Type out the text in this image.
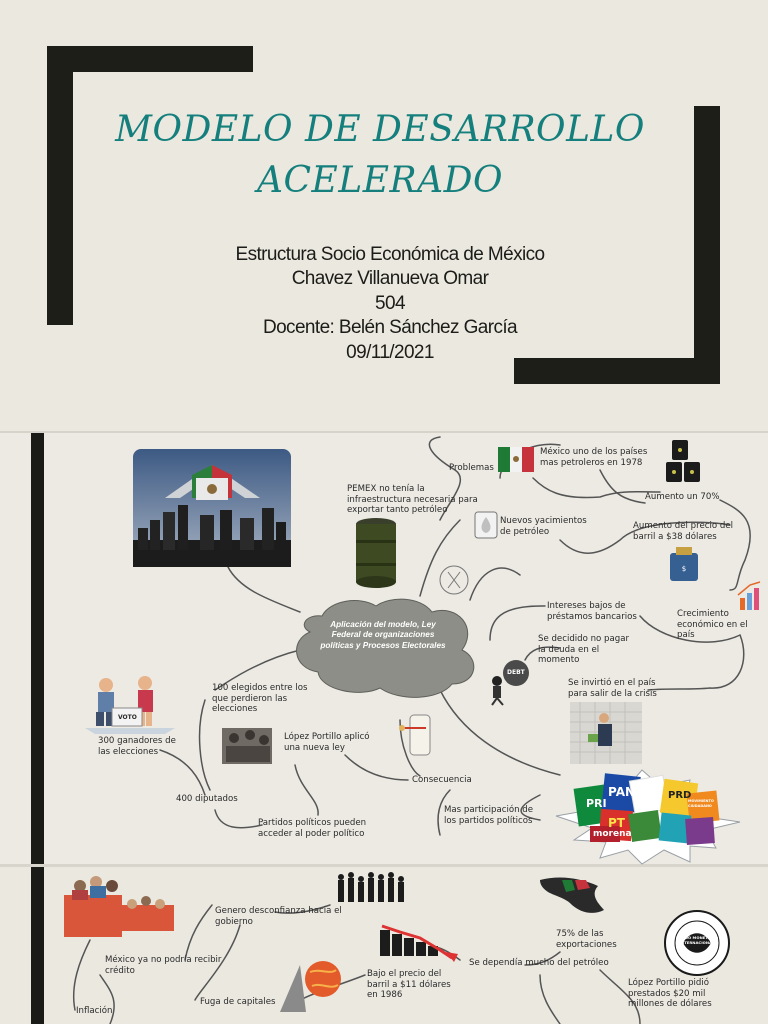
MODELO DE DESARROLLO
ACELERADO
Estructura Socio Económica de México
Chavez Villanueva Omar
504
Docente: Belén Sánchez García
09/11/2021
$
VOTO
DEBT
PRI
PAN
PT
PRD
morena
MOVIMIENTO CIUDADANO
FONDO MONETARIO INTERNACIONAL
Aplicación del modelo, Ley Federal de organizaciones políticas y Procesos Electorales
PEMEX no tenía la infraestructura necesaria para exportar tanto petróleo
Problemas
México uno de los países mas petroleros en 1978
Aumento un 70%
Nuevos yacimientos de petróleo
Aumento del precio del barril a $38 dólares
Intereses bajos de préstamos bancarios	Crecimiento económico en el país
Se decidido no pagar la deuda en el momento
Se invirtió en el país para salir de la crisis
100 elegidos entre los que perdieron las elecciones
300 ganadores de las elecciones
López Portillo aplicó una nueva ley
Consecuencia
400 diputados
Mas participación de los partidos políticos
Partidos políticos pueden acceder al poder político
Genero desconfianza hacia el gobierno
México ya no podría recibir crédito
Inflación
Fuga de capitales
Bajo el precio del barril a $11 dólares en 1986
Se dependía mucho del petróleo
75% de las exportaciones
López Portillo pidió prestados $20 mil millones de dólares
